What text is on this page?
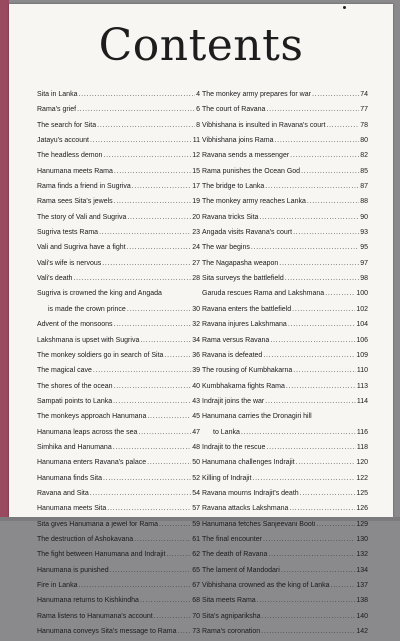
Contents
Sita in Lanka . . .	4
Rama's grief . . .	6
The search for Sita . . .	8
Jatayu's account . . .	11
The headless demon . . .	12
Hanumana meets Rama . . .	15
Rama finds a friend in Sugriva . . .	17
Rama sees Sita's jewels . . .	19
The story of Vali and Sugriva . . .	20
Sugriva tests Rama . . .	23
Vali and Sugriva have a fight . . .	24
Vali's wife is nervous . . .	27
Vali's death . . .	28
Sugriva is crowned the king and Angada
is made the crown prince . . .	30
Advent of the monsoons . . .	32
Lakshmana is upset with Sugriva . . .	34
The monkey soldiers go in search of Sita . . .	36
The magical cave . . .	39
The shores of the ocean . . .	40
Sampati points to Lanka . . .	43
The monkeys approach Hanumana . . .	45
Hanumana leaps across the sea . . .	47
Simhika and Hanumana . . .	48
Hanumana enters Ravana's palace . . .	50
Hanumana finds Sita . . .	52
Ravana and Sita . . .	54
Hanumana meets Sita . . .	57
Sita gives Hanumana a jewel for Rama . . .	59
The destruction of Ashokavana . . .	61
The fight between Hanumana and Indrajit . . .	62
Hanumana is punished . . .	65
Fire in Lanka . . .	67
Hanumana returns to Kishkindha . . .	68
Rama listens to Hanumana's account . . .	70
Hanumana conveys Sita's message to Rama . . . 73
The monkey army prepares for war . . .	74
The court of Ravana . . .	77
Vibhishana is insulted in Ravana's court . . .	78
Vibhishana joins Rama . . .	80
Ravana sends a messenger . . .	82
Rama punishes the Ocean God . . .	85
The bridge to Lanka . . .	87
The monkey army reaches Lanka . . .	88
Ravana tricks Sita . . .	90
Angada visits Ravana's court . . .	93
The war begins . . .	95
The Nagapasha weapon . . .	97
Sita surveys the battlefield . . .	98
Garuda rescues Rama and Lakshmana . . .	100
Ravana enters the battlefield . . .	102
Ravana injures Lakshmana . . .	104
Rama versus Ravana . . .	106
Ravana is defeated . . .	109
The rousing of Kumbhakarna . . .	110
Kumbhakarna fights Rama . . .	113
Indrajit joins the war . . .	114
Hanumana carries the Dronagiri hill
to Lanka . . .	116
Indrajit to the rescue . . .	118
Hanumana challenges Indrajit . . .	120
Killing of Indrajit . . .	122
Ravana mourns Indrajit's death . . .	125
Ravana attacks Lakshmana . . .	126
Hanumana fetches Sanjeevani Booti . . .	129
The final encounter . . .	130
The death of Ravana . . .	132
The lament of Mandodari . . .	134
Vibhishana crowned as the king of Lanka . . .	137
Sita meets Rama . . .	138
Sita's agnipariksha . . .	140
Rama's coronation . . .	142
